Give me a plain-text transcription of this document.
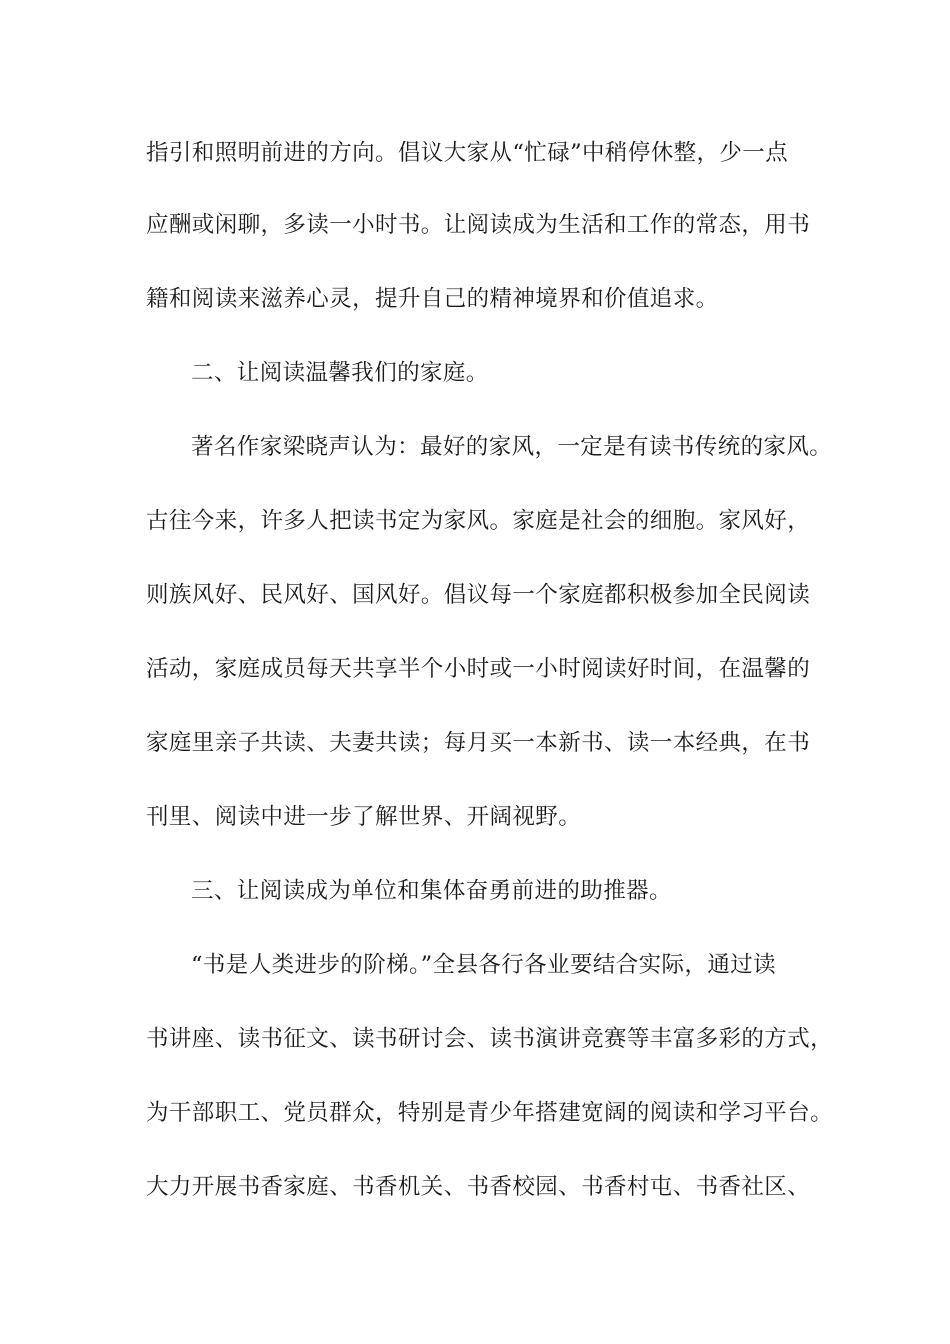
指引和照明前进的方向。倡议大家从“忙碌”中稍停休整，少一点
应酬或闲聊，多读一小时书。让阅读成为生活和工作的常态，用书
籍和阅读来滋养心灵，提升自己的精神境界和价值追求。
二、让阅读温馨我们的家庭。
著名作家梁晓声认为：最好的家风，一定是有读书传统的家风。
古往今来，许多人把读书定为家风。家庭是社会的细胞。家风好，
则族风好、民风好、国风好。倡议每一个家庭都积极参加全民阅读
活动，家庭成员每天共享半个小时或一小时阅读好时间，在温馨的
家庭里亲子共读、夫妻共读；每月买一本新书、读一本经典，在书
刊里、阅读中进一步了解世界、开阔视野。
三、让阅读成为单位和集体奋勇前进的助推器。
“书是人类进步的阶梯。”全县各行各业要结合实际，通过读
书讲座、读书征文、读书研讨会、读书演讲竞赛等丰富多彩的方式，
为干部职工、党员群众，特别是青少年搭建宽阔的阅读和学习平台。
大力开展书香家庭、书香机关、书香校园、书香村屯、书香社区、
